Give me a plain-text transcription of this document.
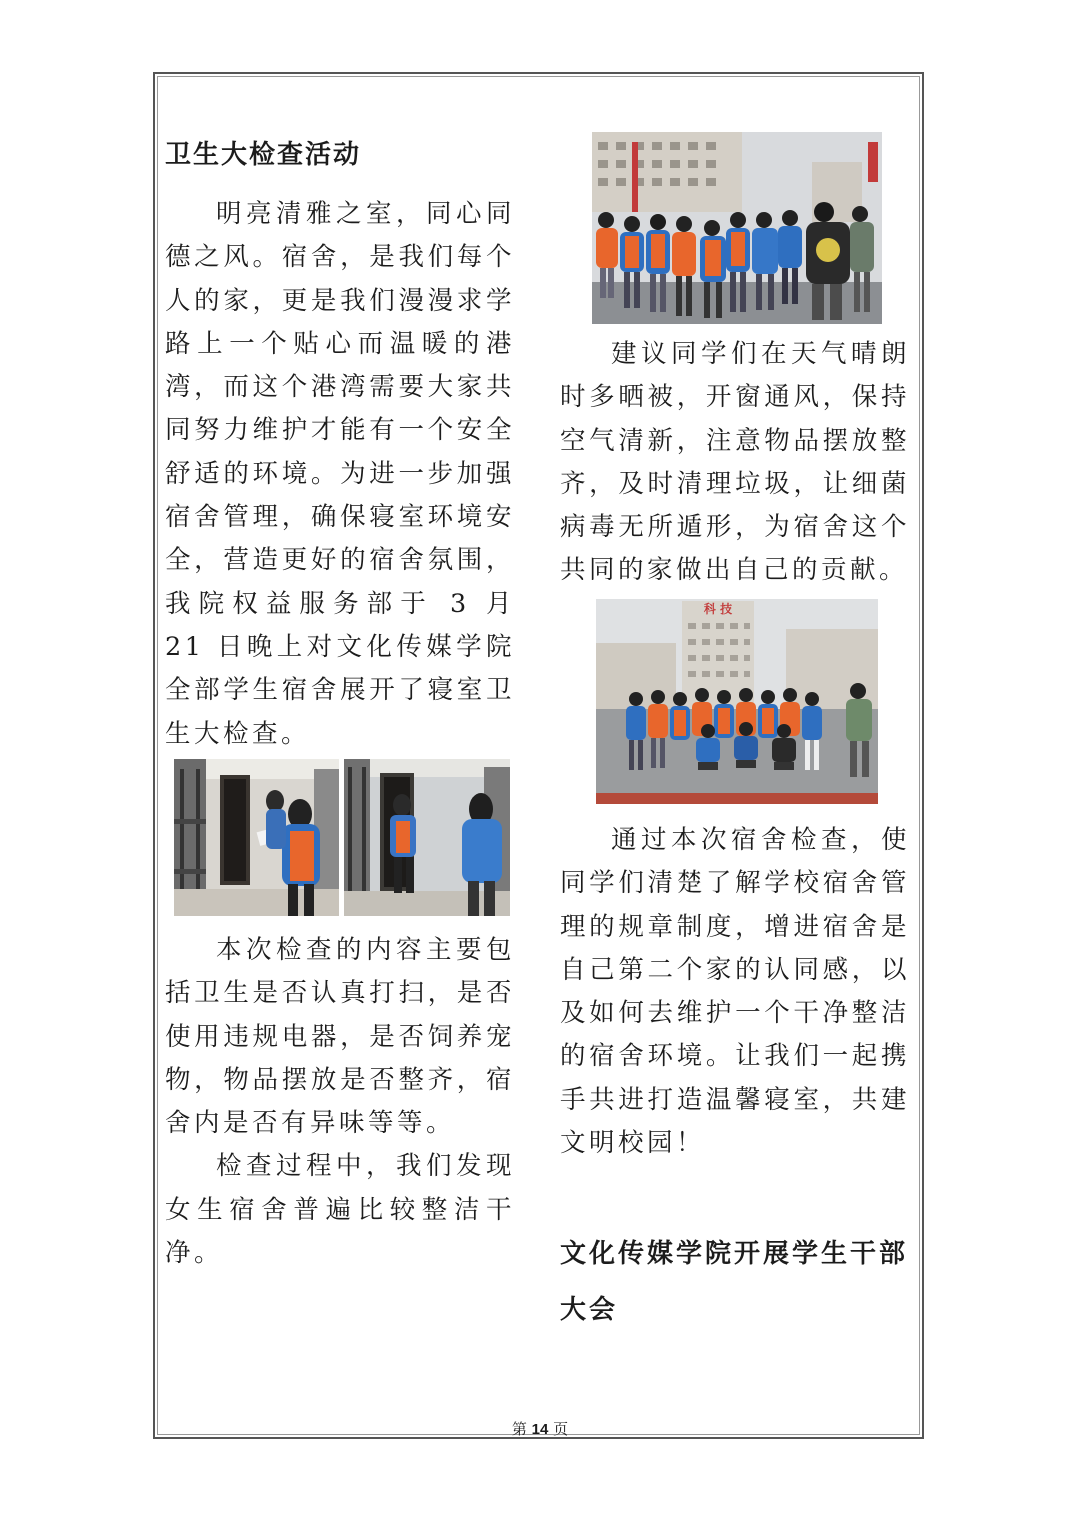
卫生大检查活动

明亮清雅之室，同心同德之风。宿舍，是我们每个人的家，更是我们漫漫求学路上一个贴心而温暖的港湾，而这个港湾需要大家共同努力维护才能有一个安全舒适的环境。为进一步加强宿舍管理，确保寝室环境安全，营造更好的宿舍氛围，我院权益服务部于 3 月 21 日晚上对文化传媒学院全部学生宿舍展开了寝室卫生大检查。

本次检查的内容主要包括卫生是否认真打扫，是否使用违规电器，是否饲养宠物，物品摆放是否整齐，宿舍内是否有异味等等。

检查过程中，我们发现女生宿舍普遍比较整洁干净。

建议同学们在天气晴朗时多晒被，开窗通风，保持空气清新，注意物品摆放整齐，及时清理垃圾，让细菌病毒无所遁形，为宿舍这个共同的家做出自己的贡献。

科 技

通过本次宿舍检查，使同学们清楚了解学校宿舍管理的规章制度，增进宿舍是自己第二个家的认同感，以及如何去维护一个干净整洁的宿舍环境。让我们一起携手共进打造温馨寝室，共建文明校园！

文化传媒学院开展学生干部大会
第 14 页
